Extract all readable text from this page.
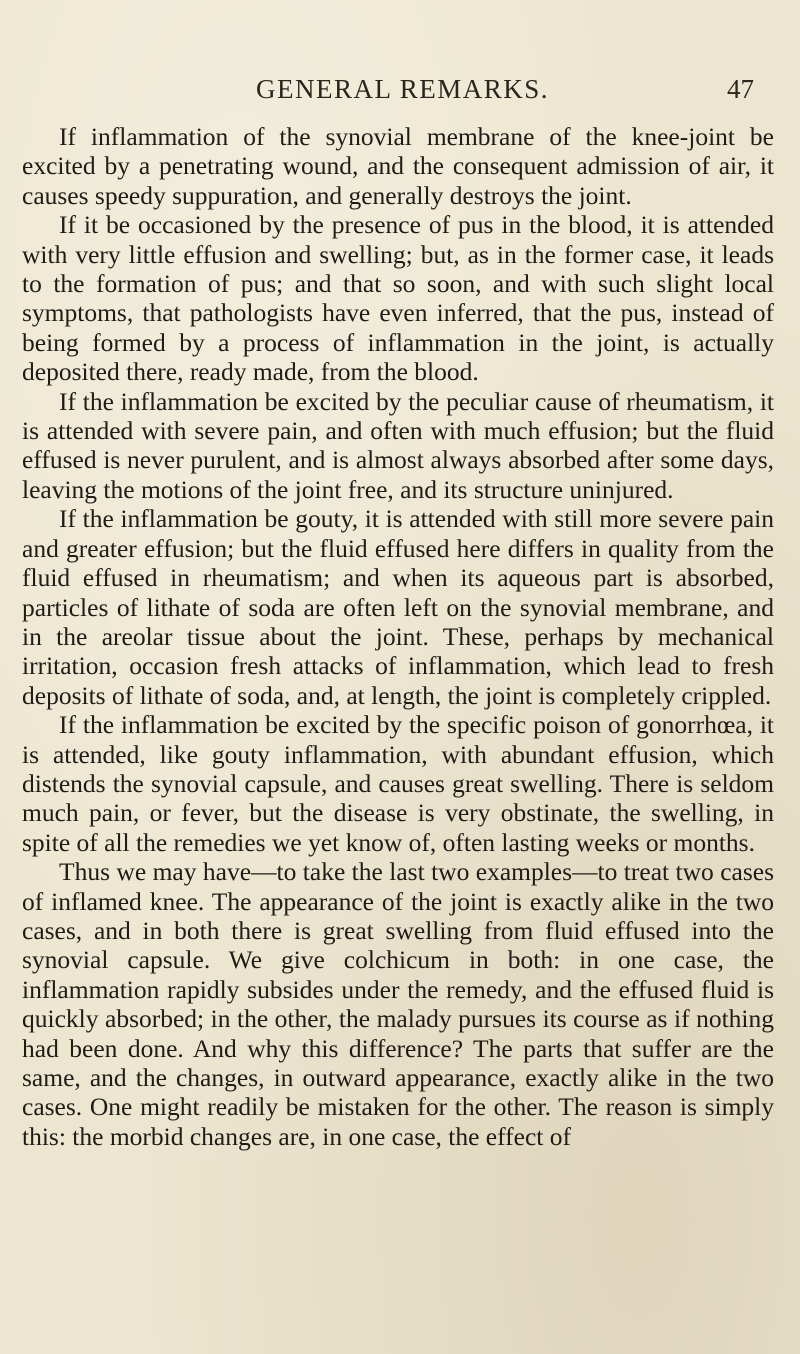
GENERAL REMARKS.	47

If inflammation of the synovial membrane of the knee-joint be excited by a penetrating wound, and the consequent admission of air, it causes speedy suppuration, and generally destroys the joint.

If it be occasioned by the presence of pus in the blood, it is attended with very little effusion and swelling; but, as in the former case, it leads to the formation of pus; and that so soon, and with such slight local symptoms, that pathologists have even inferred, that the pus, instead of being formed by a process of inflammation in the joint, is actually deposited there, ready made, from the blood.

If the inflammation be excited by the peculiar cause of rheumatism, it is attended with severe pain, and often with much effusion; but the fluid effused is never purulent, and is almost always absorbed after some days, leaving the motions of the joint free, and its structure uninjured.

If the inflammation be gouty, it is attended with still more severe pain and greater effusion; but the fluid effused here differs in quality from the fluid effused in rheumatism; and when its aqueous part is absorbed, particles of lithate of soda are often left on the synovial membrane, and in the areolar tissue about the joint. These, perhaps by mechanical irritation, occasion fresh attacks of inflammation, which lead to fresh deposits of lithate of soda, and, at length, the joint is completely crippled.

If the inflammation be excited by the specific poison of gonorrhœa, it is attended, like gouty inflammation, with abundant effusion, which distends the synovial capsule, and causes great swelling. There is seldom much pain, or fever, but the disease is very obstinate, the swelling, in spite of all the remedies we yet know of, often lasting weeks or months.

Thus we may have—to take the last two examples—to treat two cases of inflamed knee. The appearance of the joint is exactly alike in the two cases, and in both there is great swelling from fluid effused into the synovial capsule. We give colchicum in both: in one case, the inflammation rapidly subsides under the remedy, and the effused fluid is quickly absorbed; in the other, the malady pursues its course as if nothing had been done. And why this difference? The parts that suffer are the same, and the changes, in outward appearance, exactly alike in the two cases. One might readily be mistaken for the other. The reason is simply this: the morbid changes are, in one case, the effect of
